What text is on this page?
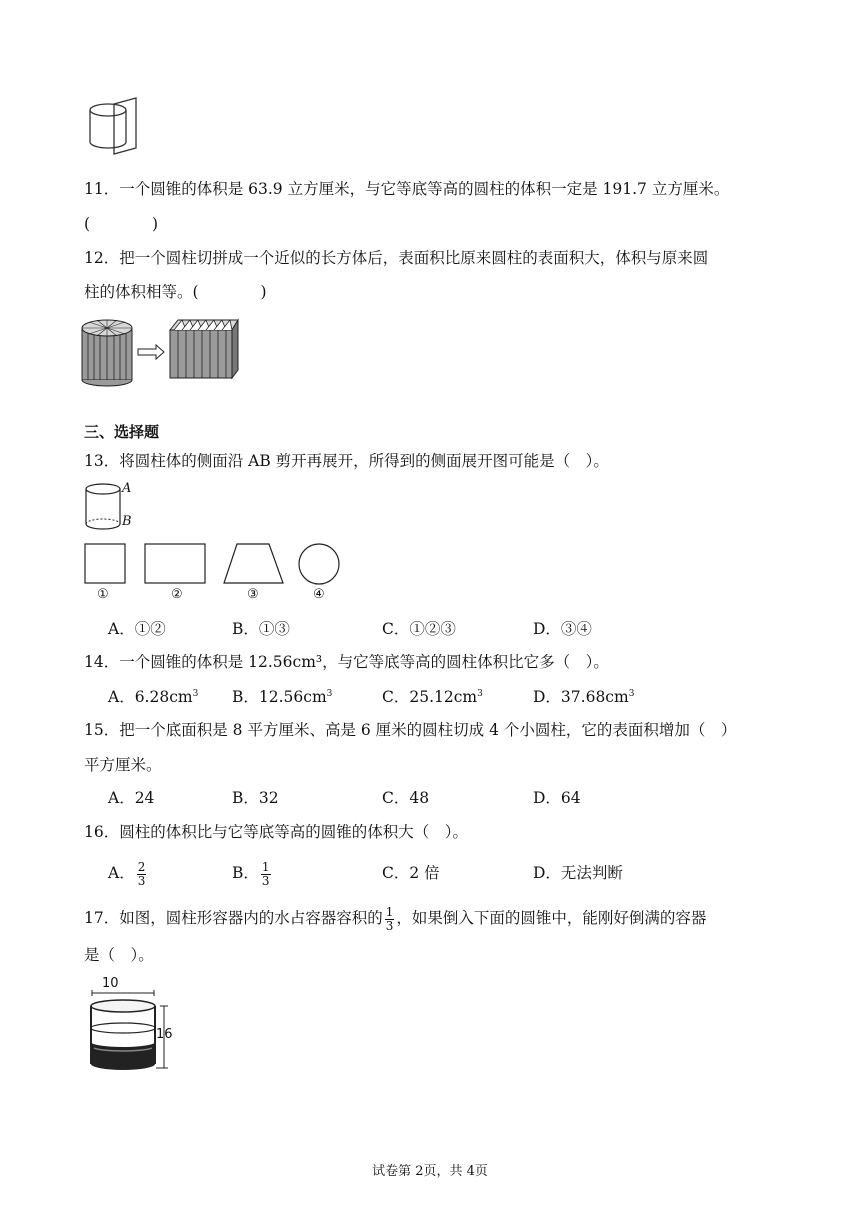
11．一个圆锥的体积是 63.9 立方厘米，与它等底等高的圆柱的体积一定是 191.7 立方厘米。
(　　　　)
12．把一个圆柱切拼成一个近似的长方体后，表面积比原来圆柱的表面积大，体积与原来圆
柱的体积相等。(　　　　)
三、选择题
13．将圆柱体的侧面沿 AB 剪开再展开，所得到的侧面展开图可能是（　）。
A
B
①	②	③	④
A．①②	B．①③	C．①②③	D．③④
14．一个圆锥的体积是 12.56cm³，与它等底等高的圆柱体积比它多（　）。
A．$6.28cm^3$ B．$12.56cm^3$	C．$25.12cm^3$	D．$37.68cm^3$
15．把一个底面积是 8 平方厘米、高是 6 厘米的圆柱切成 4 个小圆柱，它的表面积增加（　）
平方厘米。
A．24	B．32	C．48	D．64
16．圆柱的体积比与它等底等高的圆锥的体积大（　）。
A． $\frac{2}{3}$	B． $\frac{1}{3}$	C．2 倍	D．无法判断
17．如图，圆柱形容器内的水占容器容积的 $\frac{1}{3}$ ，如果倒入下面的圆锥中，能刚好倒满的容器
是（　）。
10
16
试卷第 2页，共 4页
